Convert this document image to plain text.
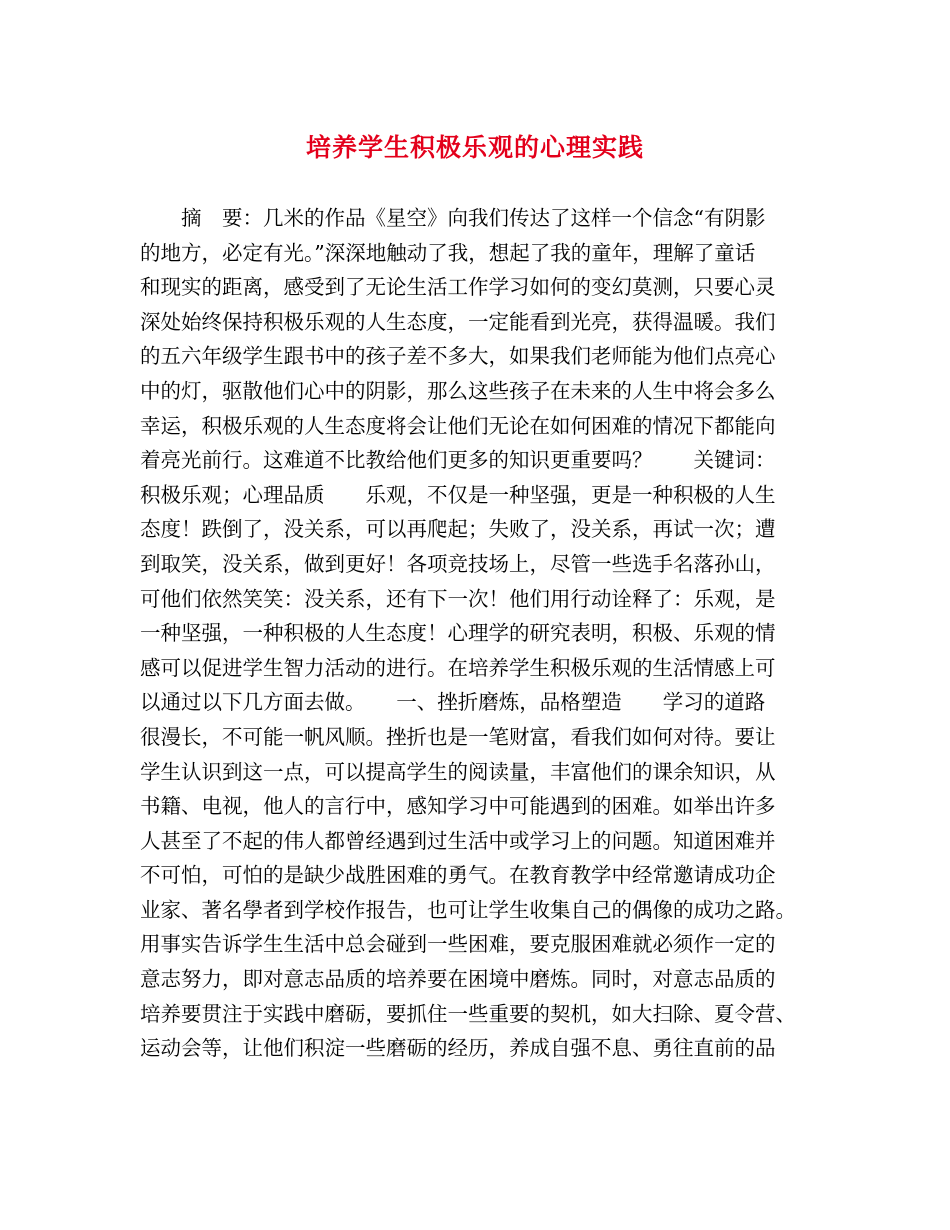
培养学生积极乐观的心理实践
　　摘　要：几米的作品《星空》向我们传达了这样一个信念“有阴影
的地方，必定有光。”深深地触动了我，想起了我的童年，理解了童话
和现实的距离，感受到了无论生活工作学习如何的变幻莫测，只要心灵
深处始终保持积极乐观的人生态度，一定能看到光亮，获得温暖。我们
的五六年级学生跟书中的孩子差不多大，如果我们老师能为他们点亮心
中的灯，驱散他们心中的阴影，那么这些孩子在未来的人生中将会多么
幸运，积极乐观的人生态度将会让他们无论在如何困难的情况下都能向
着亮光前行。这难道不比教给他们更多的知识更重要吗？　　关键词：
积极乐观；心理品质　　乐观，不仅是一种坚强，更是一种积极的人生
态度！跌倒了，没关系，可以再爬起；失败了，没关系，再试一次；遭
到取笑，没关系，做到更好！各项竞技场上，尽管一些选手名落孙山，
可他们依然笑笑：没关系，还有下一次！他们用行动诠释了：乐观，是
一种坚强，一种积极的人生态度！心理学的研究表明，积极、乐观的情
感可以促进学生智力活动的进行。在培养学生积极乐观的生活情感上可
以通过以下几方面去做。　　一、挫折磨炼，品格塑造　　学习的道路
很漫长，不可能一帆风顺。挫折也是一笔财富，看我们如何对待。要让
学生认识到这一点，可以提高学生的阅读量，丰富他们的课余知识，从
书籍、电视，他人的言行中，感知学习中可能遇到的困难。如举出许多
人甚至了不起的伟人都曾经遇到过生活中或学习上的问题。知道困难并
不可怕，可怕的是缺少战胜困难的勇气。在教育教学中经常邀请成功企
业家、著名學者到学校作报告，也可让学生收集自己的偶像的成功之路。
用事实告诉学生生活中总会碰到一些困难，要克服困难就必须作一定的
意志努力，即对意志品质的培养要在困境中磨炼。同时，对意志品质的
培养要贯注于实践中磨砺，要抓住一些重要的契机，如大扫除、夏令营、
运动会等，让他们积淀一些磨砺的经历，养成自强不息、勇往直前的品
